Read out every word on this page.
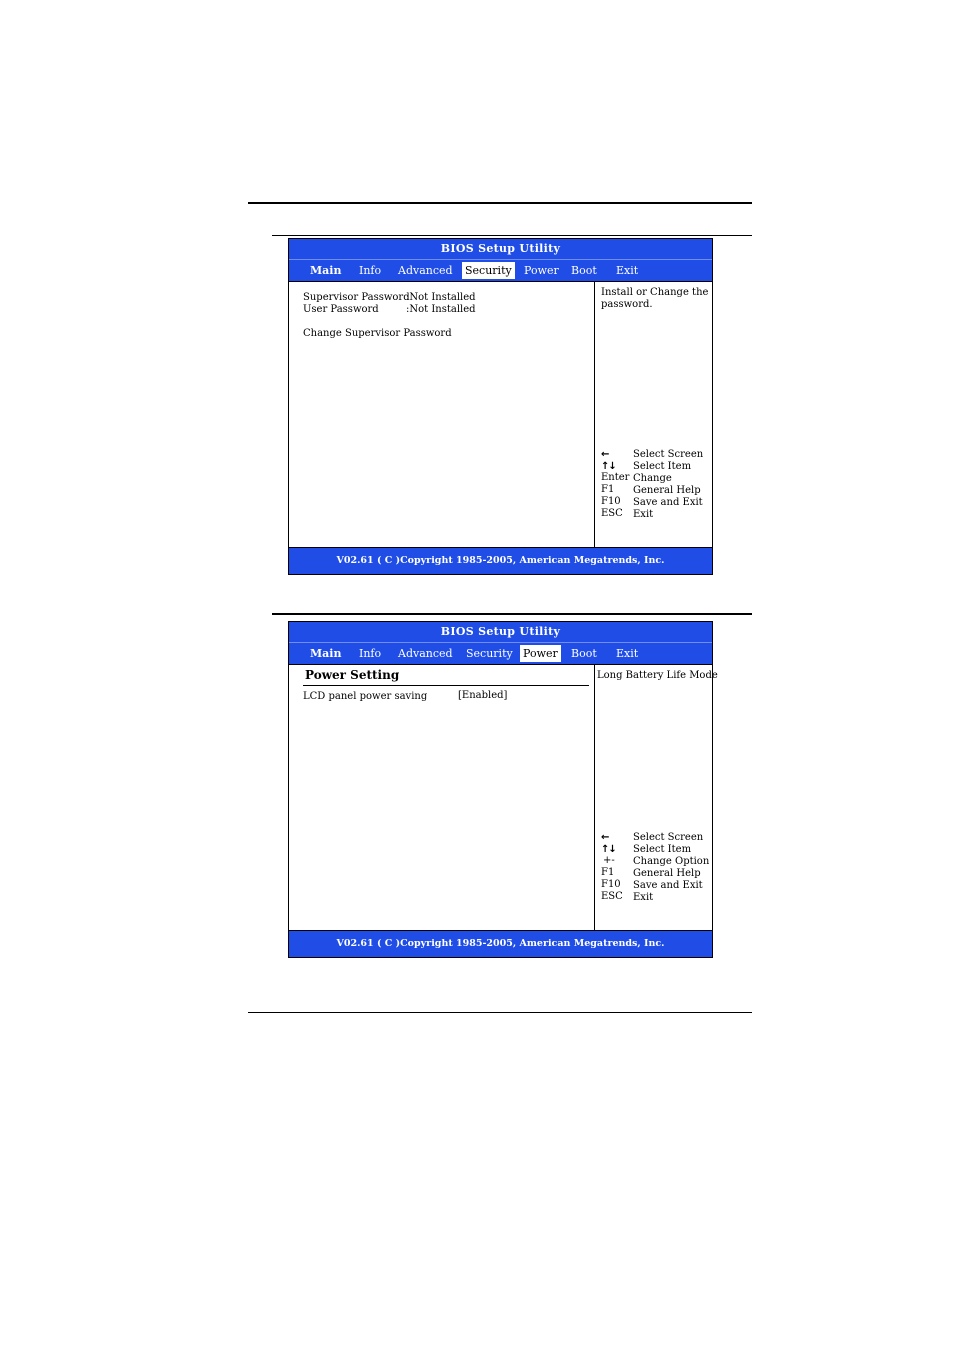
BIOS Setup Utility
Main Info Advanced Security Power Boot Exit
Supervisor Password
:Not Installed
User Password	:Not Installed
Change Supervisor Password
Install or Change the password.
← Select Screen
↑↓ Select Item
Enter Change
F1 General Help
F10 Save and Exit
ESC Exit
V02.61 ( C )Copyright 1985-2005, American Megatrends, Inc.
BIOS Setup Utility
Main Info Advanced Security Power Boot Exit
Power Setting
LCD panel power saving	[Enabled]
Long Battery Life Mode
← Select Screen
↑↓ Select Item
+- Change Option
F1 General Help
F10 Save and Exit
ESC Exit
V02.61 ( C )Copyright 1985-2005, American Megatrends, Inc.
